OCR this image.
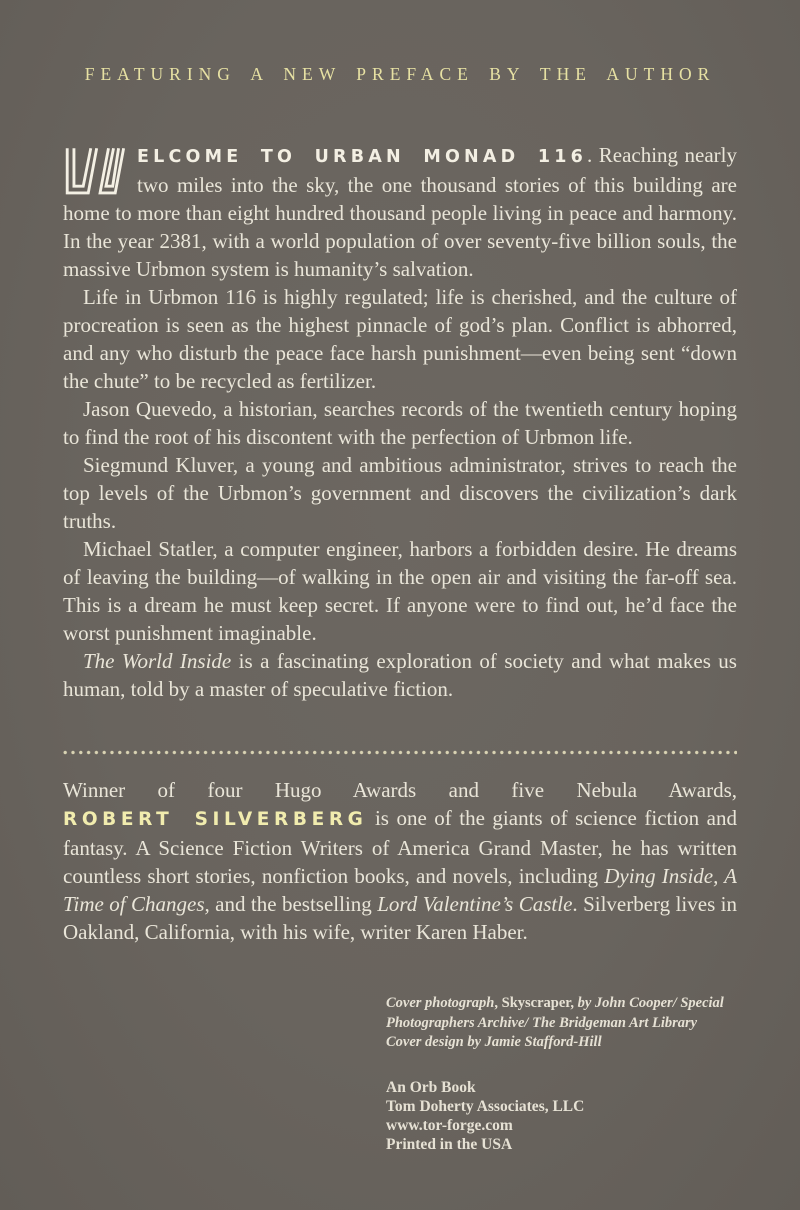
FEATURING A NEW PREFACE BY THE AUTHOR

ELCOME TO URBAN MONAD 116. Reaching nearly two miles into the sky, the one thousand stories of this building are home to more than eight hundred thousand people living in peace and harmony. In the year 2381, with a world population of over seventy-five billion souls, the massive Urbmon system is humanity’s salvation.

Life in Urbmon 116 is highly regulated; life is cherished, and the culture of procreation is seen as the highest pinnacle of god’s plan. Conflict is abhorred, and any who disturb the peace face harsh punishment—even being sent “down the chute” to be recycled as fertilizer.

Jason Quevedo, a historian, searches records of the twentieth century hoping to find the root of his discontent with the perfection of Urbmon life.

Siegmund Kluver, a young and ambitious administrator, strives to reach the top levels of the Urbmon’s government and discovers the civilization’s dark truths.

Michael Statler, a computer engineer, harbors a forbidden desire. He dreams of leaving the building—of walking in the open air and visiting the far-off sea. This is a dream he must keep secret. If anyone were to find out, he’d face the worst punishment imaginable.

The World Inside is a fascinating exploration of society and what makes us human, told by a master of speculative fiction.

Winner of four Hugo Awards and five Nebula Awards, ROBERT SILVERBERG is one of the giants of science fiction and fantasy. A Science Fiction Writers of America Grand Master, he has written countless short stories, nonfiction books, and novels, including Dying Inside, A Time of Changes, and the bestselling Lord Valentine’s Castle. Silverberg lives in Oakland, California, with his wife, writer Karen Haber.
Cover photograph, Skyscraper, by John Cooper/ Special
Photographers Archive/ The Bridgeman Art Library
Cover design by Jamie Stafford-Hill
An Orb Book
Tom Doherty Associates, LLC
www.tor-forge.com
Printed in the USA
